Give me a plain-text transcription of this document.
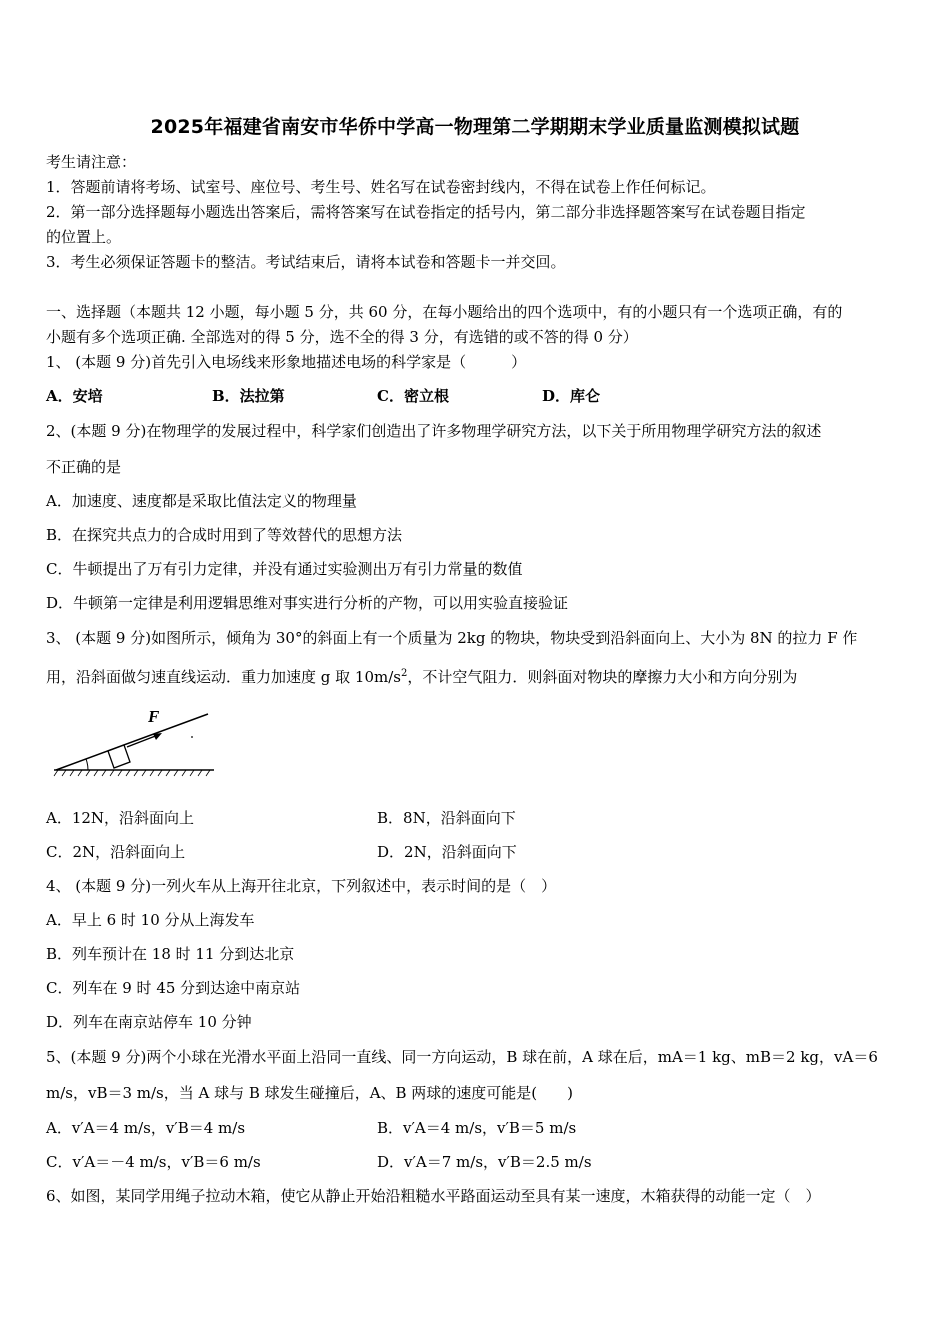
2025年福建省南安市华侨中学高一物理第二学期期末学业质量监测模拟试题
考生请注意：
1．答题前请将考场、试室号、座位号、考生号、姓名写在试卷密封线内，不得在试卷上作任何标记。
2．第一部分选择题每小题选出答案后，需将答案写在试卷指定的括号内，第二部分非选择题答案写在试卷题目指定
的位置上。
3．考生必须保证答题卡的整洁。考试结束后，请将本试卷和答题卡一并交回。
一、选择题（本题共 12 小题，每小题 5 分，共 60 分，在每小题给出的四个选项中，有的小题只有一个选项正确，有的
小题有多个选项正确. 全部选对的得 5 分，选不全的得 3 分，有选错的或不答的得 0 分）
1、 (本题 9 分)首先引入电场线来形象地描述电场的科学家是（　　　）
A．安培	B．法拉第	C．密立根	D．库仑
2、(本题 9 分)在物理学的发展过程中，科学家们创造出了许多物理学研究方法，以下关于所用物理学研究方法的叙述
不正确的是
A．加速度、速度都是采取比值法定义的物理量
B．在探究共点力的合成时用到了等效替代的思想方法
C．牛顿提出了万有引力定律，并没有通过实验测出万有引力常量的数值
D．牛顿第一定律是利用逻辑思维对事实进行分析的产物，可以用实验直接验证
3、 (本题 9 分)如图所示，倾角为 30°的斜面上有一个质量为 2kg 的物块，物块受到沿斜面向上、大小为 8N 的拉力 F 作
用，沿斜面做匀速直线运动．重力加速度 g 取 $10m/s^2$，不计空气阻力．则斜面对物块的摩擦力大小和方向分别为
F
A．12N，沿斜面向上	B．8N，沿斜面向下
C．2N，沿斜面向上	D．2N，沿斜面向下
4、 (本题 9 分)一列火车从上海开往北京，下列叙述中，表示时间的是（　）
A．早上 6 时 10 分从上海发车
B．列车预计在 18 时 11 分到达北京
C．列车在 9 时 45 分到达途中南京站
D．列车在南京站停车 10 分钟
5、(本题 9 分)两个小球在光滑水平面上沿同一直线、同一方向运动，B 球在前，A 球在后，mA＝1 kg、mB＝2 kg，vA＝6
m/s，vB＝3 m/s，当 A 球与 B 球发生碰撞后，A、B 两球的速度可能是(　　)
A．v′A＝4 m/s，v′B＝4 m/s	B．v′A＝4 m/s，v′B＝5 m/s
C．v′A＝－4 m/s，v′B＝6 m/s	D．v′A＝7 m/s，v′B＝2.5 m/s
6、如图，某同学用绳子拉动木箱，使它从静止开始沿粗糙水平路面运动至具有某一速度，木箱获得的动能一定（　）
